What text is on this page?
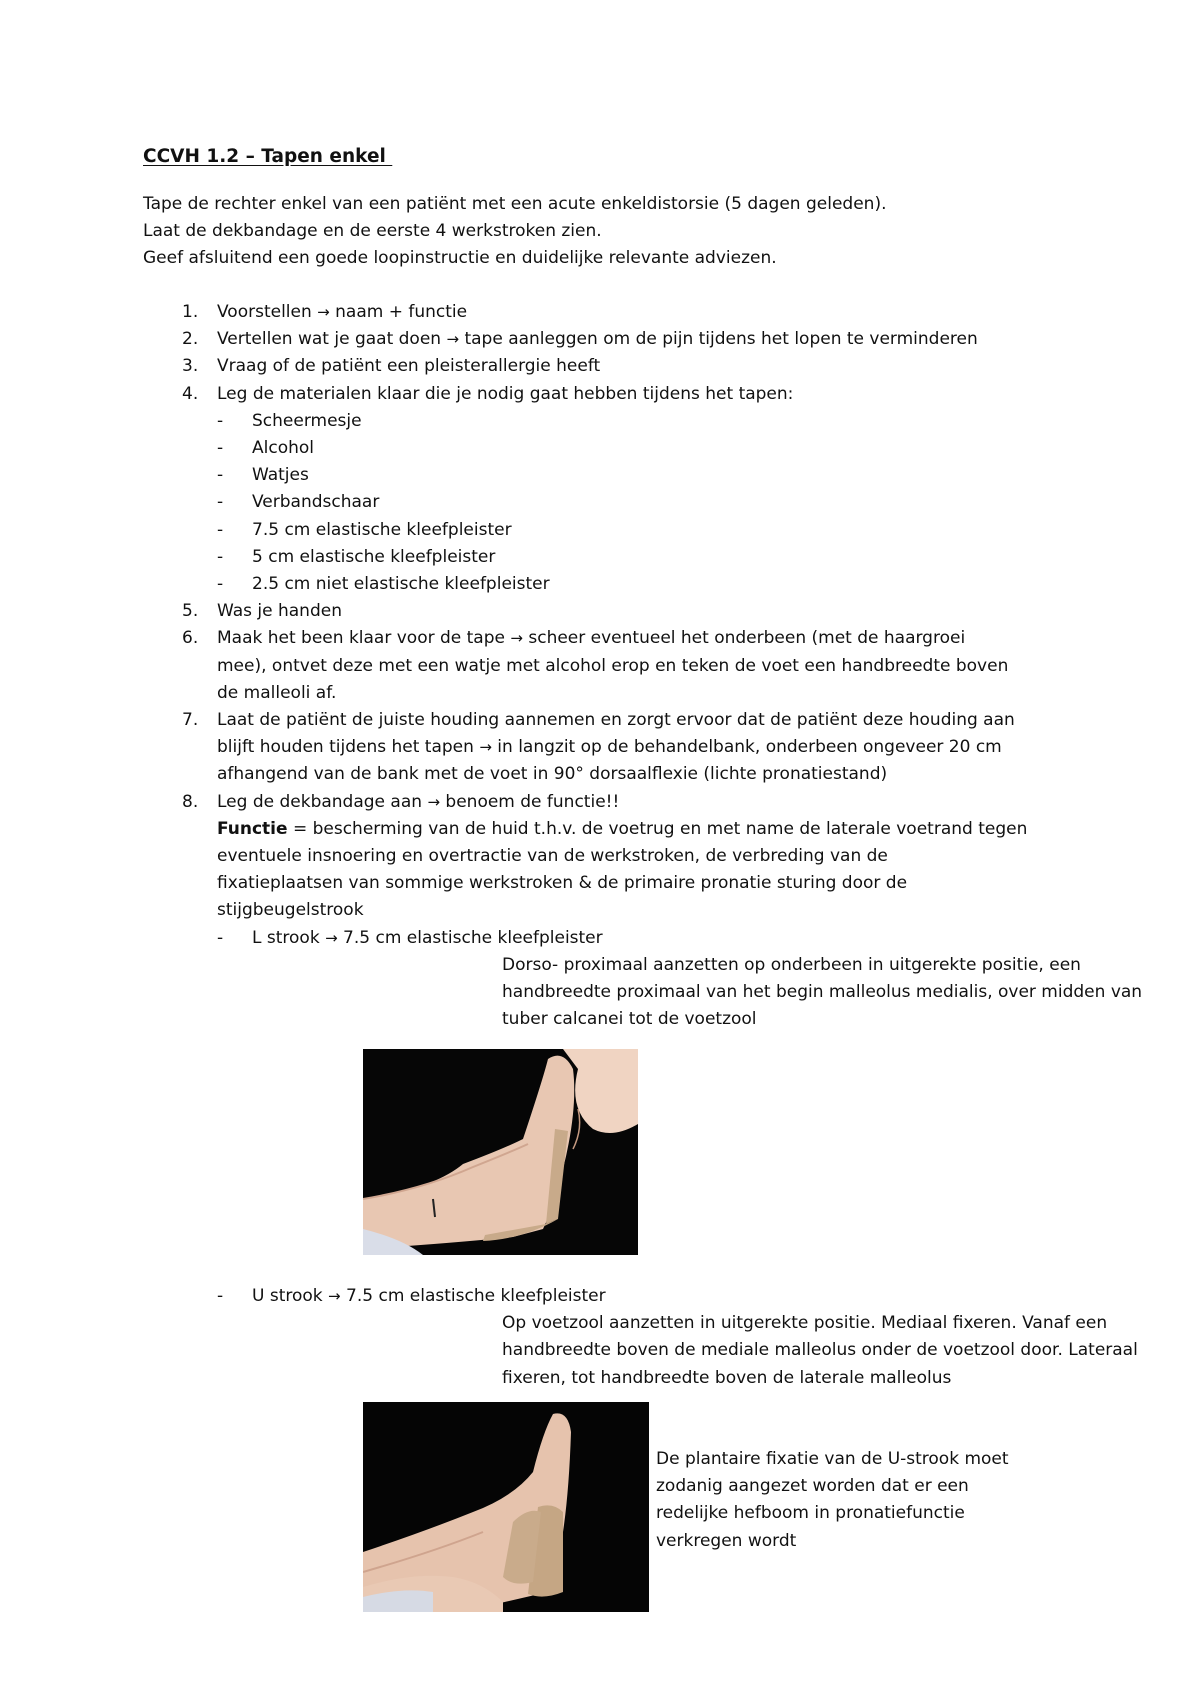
CCVH 1.2 – Tapen enkel
Tape de rechter enkel van een patiënt met een acute enkeldistorsie (5 dagen geleden).
Laat de dekbandage en de eerste 4 werkstroken zien.
Geef afsluitend een goede loopinstructie en duidelijke relevante adviezen.
1.	Voorstellen → naam + functie
2.	Vertellen wat je gaat doen → tape aanleggen om de pijn tijdens het lopen te verminderen
3.	Vraag of de patiënt een pleisterallergie heeft
4.	Leg de materialen klaar die je nodig gaat hebben tijdens het tapen:
-	Scheermesje
-	Alcohol
-	Watjes
-	Verbandschaar
-	7.5 cm elastische kleefpleister
-	5 cm elastische kleefpleister
-	2.5 cm niet elastische kleefpleister
5.	Was je handen
6.	Maak het been klaar voor de tape → scheer eventueel het onderbeen (met de haargroei
mee), ontvet deze met een watje met alcohol erop en teken de voet een handbreedte boven
de malleoli af.
7.	Laat de patiënt de juiste houding aannemen en zorgt ervoor dat de patiënt deze houding aan
blijft houden tijdens het tapen → in langzit op de behandelbank, onderbeen ongeveer 20 cm
afhangend van de bank met de voet in 90° dorsaalflexie (lichte pronatiestand)
8.	Leg de dekbandage aan → benoem de functie!!
Functie = bescherming van de huid t.h.v. de voetrug en met name de laterale voetrand tegen
eventuele insnoering en overtractie van de werkstroken, de verbreding van de
fixatieplaatsen van sommige werkstroken & de primaire pronatie sturing door de
stijgbeugelstrook
-	L strook → 7.5 cm elastische kleefpleister
Dorso- proximaal aanzetten op onderbeen in uitgerekte positie, een
handbreedte proximaal van het begin malleolus medialis, over midden van
tuber calcanei tot de voetzool
-	U strook → 7.5 cm elastische kleefpleister
Op voetzool aanzetten in uitgerekte positie. Mediaal fixeren. Vanaf een
handbreedte boven de mediale malleolus onder de voetzool door. Lateraal
fixeren, tot handbreedte boven de laterale malleolus
De plantaire fixatie van de U-strook moet
zodanig aangezet worden dat er een
redelijke hefboom in pronatiefunctie
verkregen wordt
